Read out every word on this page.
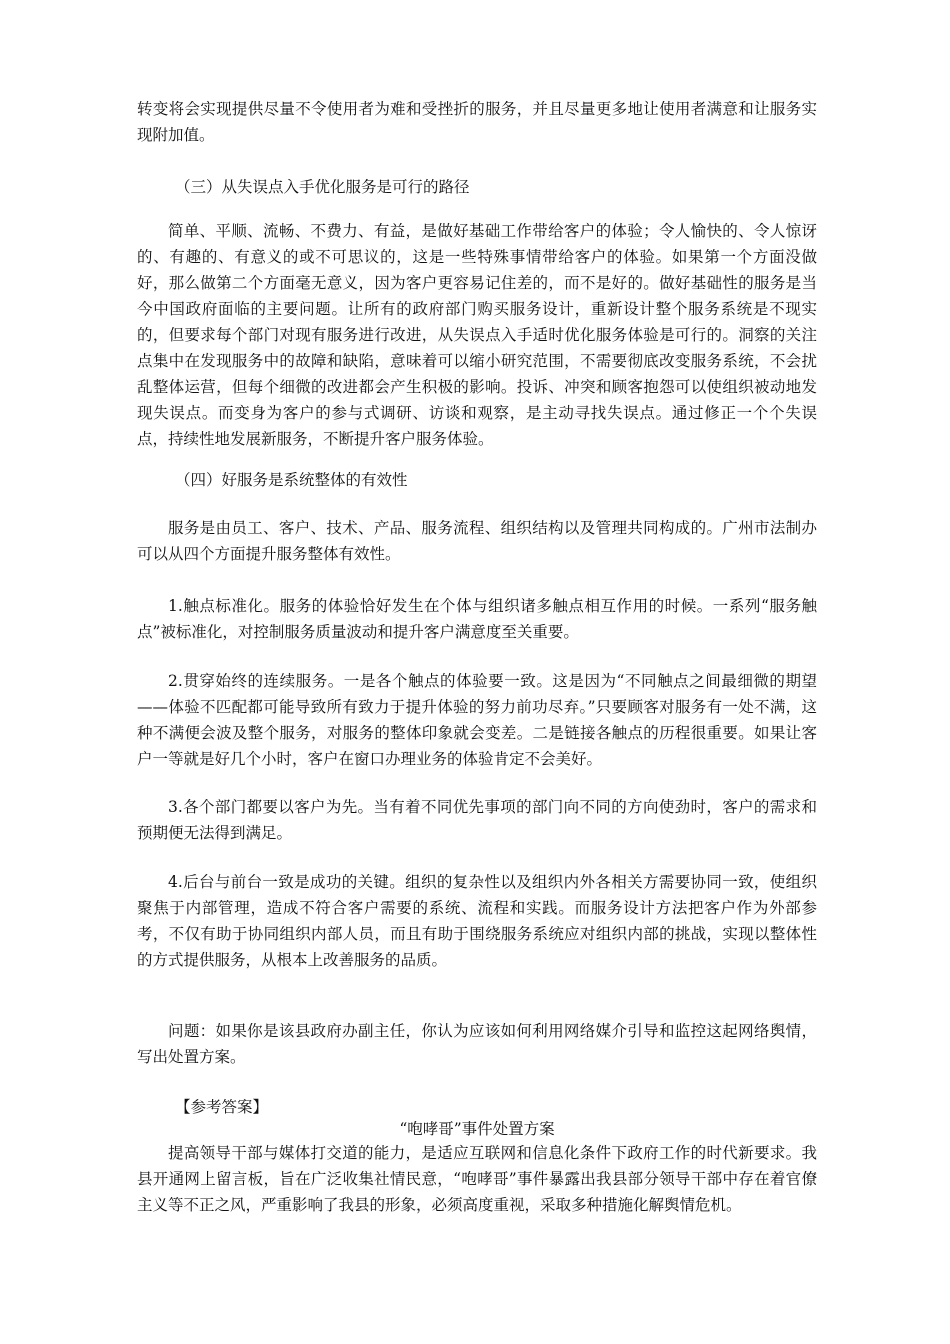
转变将会实现提供尽量不令使用者为难和受挫折的服务，并且尽量更多地让使用者满意和让服务实现附加值。

（三）从失误点入手优化服务是可行的路径

简单、平顺、流畅、不费力、有益，是做好基础工作带给客户的体验；令人愉快的、令人惊讶的、有趣的、有意义的或不可思议的，这是一些特殊事情带给客户的体验。如果第一个方面没做好，那么做第二个方面毫无意义，因为客户更容易记住差的，而不是好的。做好基础性的服务是当今中国政府面临的主要问题。让所有的政府部门购买服务设计，重新设计整个服务系统是不现实的，但要求每个部门对现有服务进行改进，从失误点入手适时优化服务体验是可行的。洞察的关注点集中在发现服务中的故障和缺陷，意味着可以缩小研究范围，不需要彻底改变服务系统，不会扰乱整体运营，但每个细微的改进都会产生积极的影响。投诉、冲突和顾客抱怨可以使组织被动地发现失误点。而变身为客户的参与式调研、访谈和观察，是主动寻找失误点。通过修正一个个失误点，持续性地发展新服务，不断提升客户服务体验。

（四）好服务是系统整体的有效性

服务是由员工、客户、技术、产品、服务流程、组织结构以及管理共同构成的。广州市法制办可以从四个方面提升服务整体有效性。

1.触点标准化。服务的体验恰好发生在个体与组织诸多触点相互作用的时候。一系列“服务触点”被标准化，对控制服务质量波动和提升客户满意度至关重要。

2.贯穿始终的连续服务。一是各个触点的体验要一致。这是因为“不同触点之间最细微的期望——体验不匹配都可能导致所有致力于提升体验的努力前功尽弃。”只要顾客对服务有一处不满，这种不满便会波及整个服务，对服务的整体印象就会变差。二是链接各触点的历程很重要。如果让客户一等就是好几个小时，客户在窗口办理业务的体验肯定不会美好。

3.各个部门都要以客户为先。当有着不同优先事项的部门向不同的方向使劲时，客户的需求和预期便无法得到满足。

4.后台与前台一致是成功的关键。组织的复杂性以及组织内外各相关方需要协同一致，使组织聚焦于内部管理，造成不符合客户需要的系统、流程和实践。而服务设计方法把客户作为外部参考，不仅有助于协同组织内部人员，而且有助于围绕服务系统应对组织内部的挑战，实现以整体性的方式提供服务，从根本上改善服务的品质。

问题：如果你是该县政府办副主任，你认为应该如何利用网络媒介引导和监控这起网络舆情，写出处置方案。

【参考答案】

“咆哮哥”事件处置方案

提高领导干部与媒体打交道的能力，是适应互联网和信息化条件下政府工作的时代新要求。我县开通网上留言板，旨在广泛收集社情民意，“咆哮哥”事件暴露出我县部分领导干部中存在着官僚主义等不正之风，严重影响了我县的形象，必须高度重视，采取多种措施化解舆情危机。
